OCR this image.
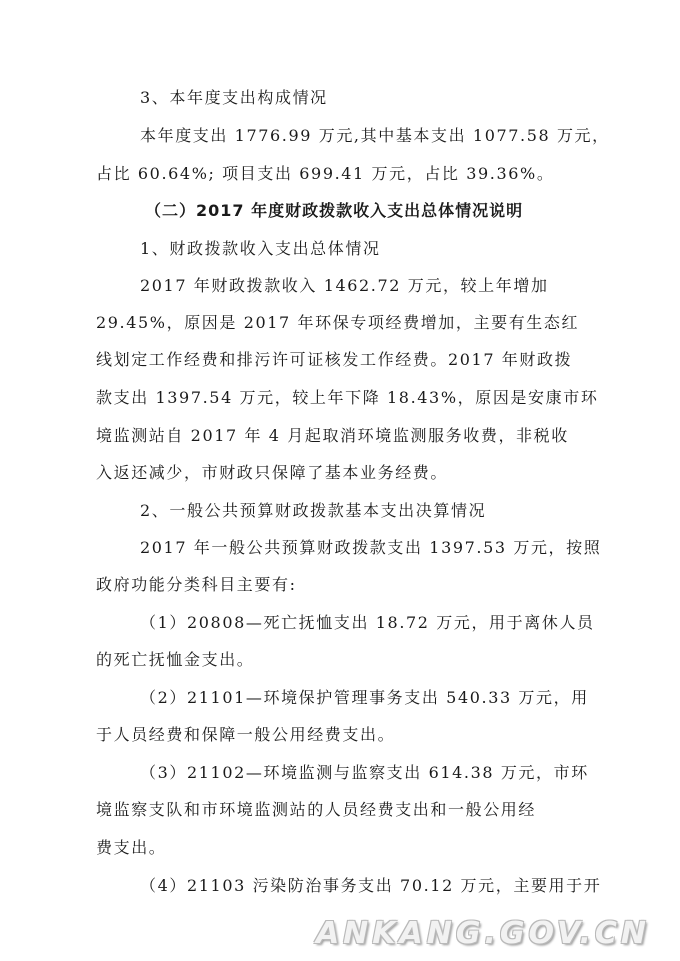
3、本年度支出构成情况
本年度支出 1776.99 万元,其中基本支出 1077.58 万元，
占比 60.64%; 项目支出 699.41 万元，占比 39.36%。
（二）2017 年度财政拨款收入支出总体情况说明
1、财政拨款收入支出总体情况
2017 年财政拨款收入 1462.72 万元，较上年增加
29.45%，原因是 2017 年环保专项经费增加，主要有生态红
线划定工作经费和排污许可证核发工作经费。2017 年财政拨
款支出 1397.54 万元，较上年下降 18.43%，原因是安康市环
境监测站自 2017 年 4 月起取消环境监测服务收费，非税收
入返还减少，市财政只保障了基本业务经费。
2、一般公共预算财政拨款基本支出决算情况
2017 年一般公共预算财政拨款支出 1397.53 万元，按照
政府功能分类科目主要有:
（1）20808—死亡抚恤支出 18.72 万元，用于离休人员
的死亡抚恤金支出。
（2）21101—环境保护管理事务支出 540.33 万元，用
于人员经费和保障一般公用经费支出。
（3）21102—环境监测与监察支出 614.38 万元，市环
境监察支队和市环境监测站的人员经费支出和一般公用经
费支出。
（4）21103 污染防治事务支出 70.12 万元，主要用于开
ANKANG.GOV.CN
